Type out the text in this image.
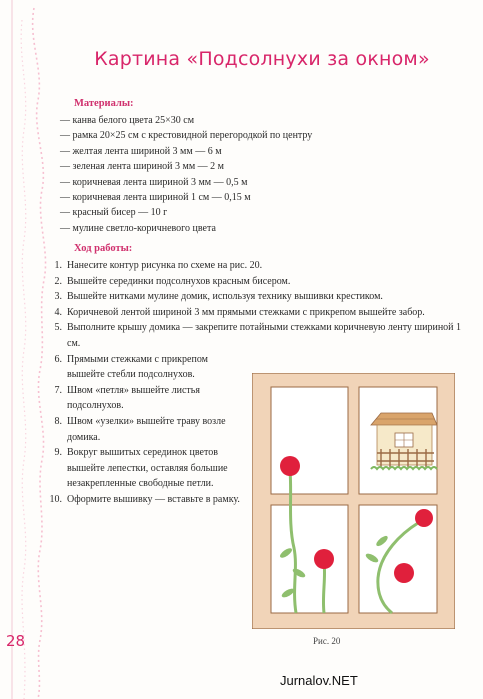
Картина «Подсолнухи за окном»
Материалы:
— канва белого цвета 25×30 см
— рамка 20×25 см с крестовидной перегородкой по центру
— желтая лента шириной 3 мм — 6 м
— зеленая лента шириной 3 мм — 2 м
— коричневая лента шириной 3 мм — 0,5 м
— коричневая лента шириной 1 см — 0,15 м
— красный бисер — 10 г
— мулине светло-коричневого цвета
Ход работы:
1. Нанесите контур рисунка по схеме на рис. 20.
2. Вышейте серединки подсолнухов красным бисером.
3. Вышейте нитками мулине домик, используя технику вышивки крестиком.
4. Коричневой лентой шириной 3 мм прямыми стежками с прикрепом вышейте забор.
5. Выполните крышу домика — закрепите потайными стежками коричневую ленту шириной 1 см.
6. Прямыми стежками с прикрепом вышейте стебли подсолнухов.
7. Швом «петля» вышейте листья подсолнухов.
8. Швом «узелки» вышейте траву возле домика.
9. Вокруг вышитых серединок цветов вышейте лепестки, оставляя большие незакрепленные свободные петли.
10. Оформите вышивку — вставьте в рамку.
Рис. 20
28
Jurnalov.NET
